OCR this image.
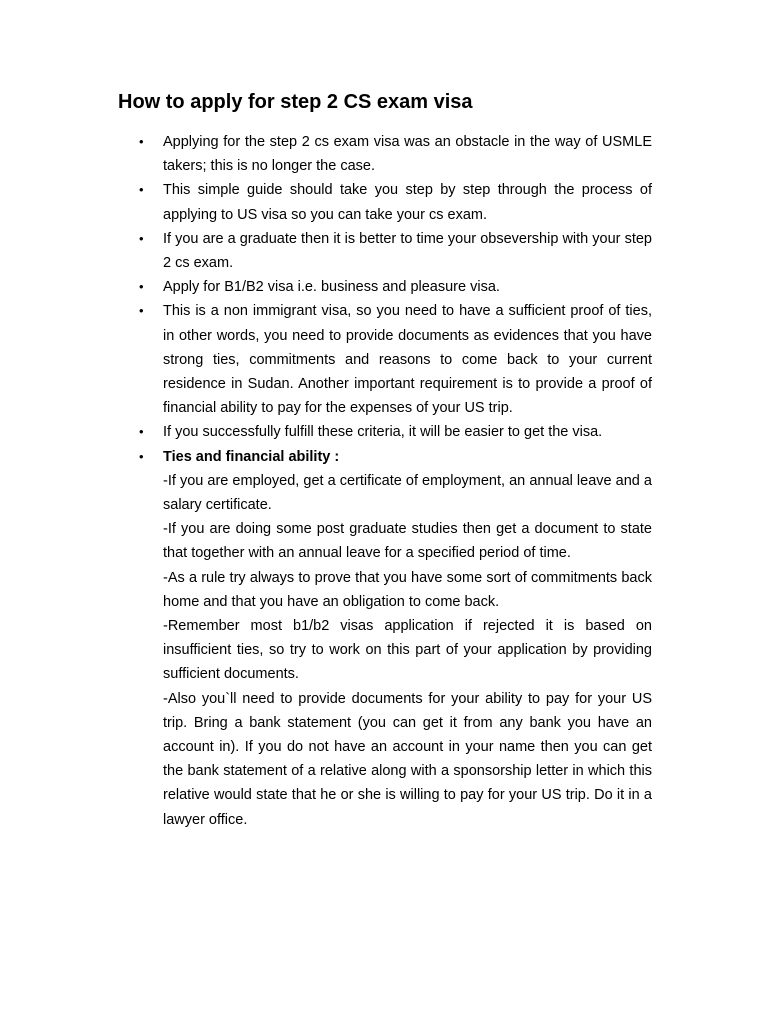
How to apply for step 2 CS exam visa
• Applying for the step 2 cs exam visa was an obstacle in the way of USMLE takers; this is no longer the case.
• This simple guide should take you step by step through the process of applying to US visa so you can take your cs exam.
• If you are a graduate then it is better to time your obsevership with your step 2 cs exam.
• Apply for B1/B2 visa i.e. business and pleasure visa.
• This is a non immigrant visa, so you need to have a sufficient proof of ties, in other words, you need to provide documents as evidences that you have strong ties, commitments and reasons to come back to your current residence in Sudan. Another important requirement is to provide a proof of financial ability to pay for the expenses of your US trip.
• If you successfully fulfill these criteria, it will be easier to get the visa.
• Ties and financial ability :
-If you are employed, get a certificate of employment, an annual leave and a salary certificate.
-If you are doing some post graduate studies then get a document to state that together with an annual leave for a specified period of time.
-As a rule try always to prove that you have some sort of commitments back home and that you have an obligation to come back.
-Remember most b1/b2 visas application if rejected it is based on insufficient ties, so try to work on this part of your application by providing sufficient documents.
-Also you`ll need to provide documents for your ability to pay for your US trip. Bring a bank statement (you can get it from any bank you have an account in). If you do not have an account in your name then you can get the bank statement of a relative along with a sponsorship letter in which this relative would state that he or she is willing to pay for your US trip. Do it in a lawyer office.
